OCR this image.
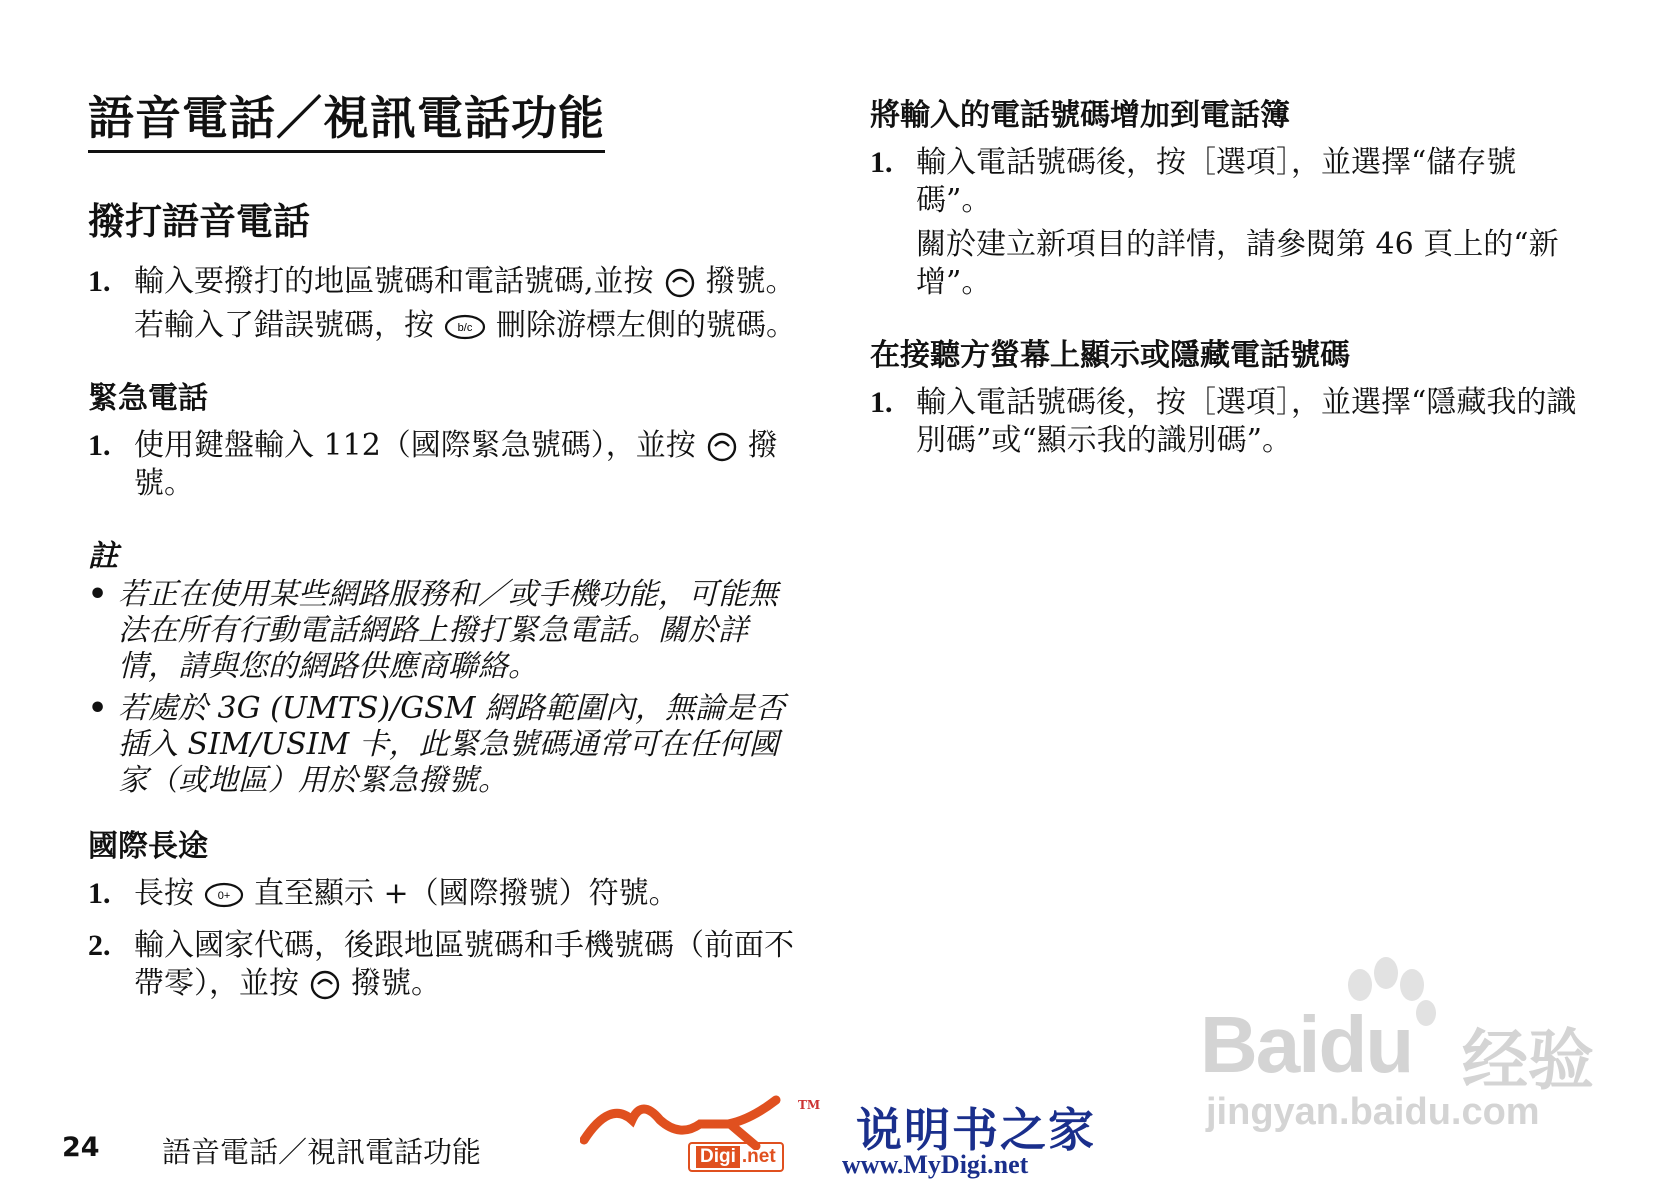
語音電話／視訊電話功能
撥打語音電話
1. 輸入要撥打的地區號碼和電話號碼,並按 撥號。

若輸入了錯誤號碼，按 b/c 刪除游標左側的號碼。

緊急電話
1. 使用鍵盤輸入 112（國際緊急號碼），並按 撥號。

註
• 若正在使用某些網路服務和／或手機功能，可能無法在所有行動電話網路上撥打緊急電話。關於詳情，請與您的網路供應商聯絡。
• 若處於 3G (UMTS)/GSM 網路範圍內，無論是否插入 SIM/USIM 卡，此緊急號碼通常可在任何國家（或地區）用於緊急撥號。
國際長途
1. 長按 0+ 直至顯示 +（國際撥號）符號。

2. 輸入國家代碼，後跟地區號碼和手機號碼（前面不帶零），並按 撥號。

將輸入的電話號碼增加到電話簿
1. 輸入電話號碼後，按［選項］，並選擇“儲存號碼”。

關於建立新項目的詳情，請參閱第 46 頁上的“新增”。

在接聽方螢幕上顯示或隱藏電話號碼
1. 輸入電話號碼後，按［選項］，並選擇“隱藏我的識別碼”或“顯示我的識別碼”。

24 語音電話／視訊電話功能
TM
Digi .net 说明书之家
www.MyDigi.net
Baidu 经验
jingyan.baidu.com
